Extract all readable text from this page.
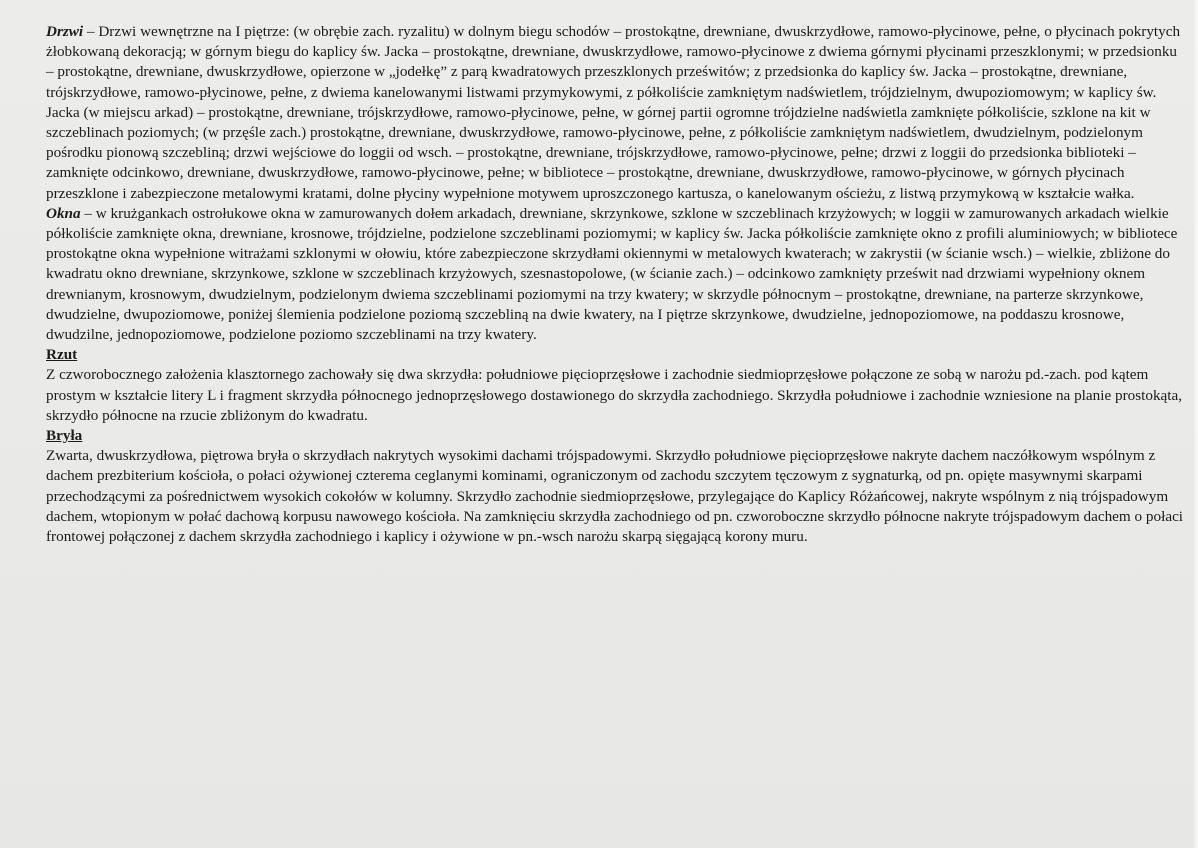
Drzwi – Drzwi wewnętrzne na I piętrze: (w obrębie zach. ryzalitu) w dolnym biegu schodów – prostokątne, drewniane, dwuskrzydłowe, ramowo-płycinowe, pełne, o płycinach pokrytych żłobkowaną dekoracją; w górnym biegu do kaplicy św. Jacka – prostokątne, drewniane, dwuskrzydłowe, ramowo-płycinowe z dwiema górnymi płycinami przeszklonymi; w przedsionku – prostokątne, drewniane, dwuskrzydłowe, opierzone w „jodełkę” z parą kwadratowych przeszklonych prześwitów; z przedsionka do kaplicy św. Jacka – prostokątne, drewniane, trójskrzydłowe, ramowo-płycinowe, pełne, z dwiema kanelowanymi listwami przymykowymi, z półkoliście zamkniętym nadświetlem, trójdzielnym, dwupoziomowym; w kaplicy św. Jacka (w miejscu arkad) – prostokątne, drewniane, trójskrzydłowe, ramowo-płycinowe, pełne, w górnej partii ogromne trójdzielne nadświetla zamknięte półkoliście, szklone na kit w szczeblinach poziomych; (w przęśle zach.) prostokątne, drewniane, dwuskrzydłowe, ramowo-płycinowe, pełne, z półkoliście zamkniętym nadświetlem, dwudzielnym, podzielonym pośrodku pionową szczebliną; drzwi wejściowe do loggii od wsch. – prostokątne, drewniane, trójskrzydłowe, ramowo-płycinowe, pełne; drzwi z loggii do przedsionka biblioteki – zamknięte odcinkowo, drewniane, dwuskrzydłowe, ramowo-płycinowe, pełne; w bibliotece – prostokątne, drewniane, dwuskrzydłowe, ramowo-płycinowe, w górnych płycinach przeszklone i zabezpieczone metalowymi kratami, dolne płyciny wypełnione motywem uproszczonego kartusza, o kanelowanym ościeżu, z listwą przymykową w kształcie wałka.

Okna – w krużgankach ostrołukowe okna w zamurowanych dołem arkadach, drewniane, skrzynkowe, szklone w szczeblinach krzyżowych; w loggii w zamurowanych arkadach wielkie półkoliście zamknięte okna, drewniane, krosnowe, trójdzielne, podzielone szczeblinami poziomymi; w kaplicy św. Jacka półkoliście zamknięte okno z profili aluminiowych; w bibliotece prostokątne okna wypełnione witrażami szklonymi w ołowiu, które zabezpieczone skrzydłami okiennymi w metalowych kwaterach; w zakrystii (w ścianie wsch.) – wielkie, zbliżone do kwadratu okno drewniane, skrzynkowe, szklone w szczeblinach krzyżowych, szesnastopolowe, (w ścianie zach.) – odcinkowo zamknięty prześwit nad drzwiami wypełniony oknem drewnianym, krosnowym, dwudzielnym, podzielonym dwiema szczeblinami poziomymi na trzy kwatery; w skrzydle północnym – prostokątne, drewniane, na parterze skrzynkowe, dwudzielne, dwupoziomowe, poniżej ślemienia podzielone poziomą szczebliną na dwie kwatery, na I piętrze skrzynkowe, dwudzielne, jednopoziomowe, na poddaszu krosnowe, dwudzilne, jednopoziomowe, podzielone poziomo szczeblinami na trzy kwatery.

Rzut

Z czworobocznego założenia klasztornego zachowały się dwa skrzydła: południowe pięcioprzęsłowe i zachodnie siedmioprzęsłowe połączone ze sobą w narożu pd.-zach. pod kątem prostym w kształcie litery L i fragment skrzydła północnego jednoprzęsłowego dostawionego do skrzydła zachodniego. Skrzydła południowe i zachodnie wzniesione na planie prostokąta, skrzydło północne na rzucie zbliżonym do kwadratu.

Bryła

Zwarta, dwuskrzydłowa, piętrowa bryła o skrzydłach nakrytych wysokimi dachami trójspadowymi. Skrzydło południowe pięcioprzęsłowe nakryte dachem naczółkowym wspólnym z dachem prezbiterium kościoła, o połaci ożywionej czterema ceglanymi kominami, ograniczonym od zachodu szczytem tęczowym z sygnaturką, od pn. opięte masywnymi skarpami przechodzącymi za pośrednictwem wysokich cokołów w kolumny. Skrzydło zachodnie siedmioprzęsłowe, przylegające do Kaplicy Różańcowej, nakryte wspólnym z nią trójspadowym dachem, wtopionym w połać dachową korpusu nawowego kościoła. Na zamknięciu skrzydła zachodniego od pn. czworoboczne skrzydło północne nakryte trójspadowym dachem o połaci frontowej połączonej z dachem skrzydła zachodniego i kaplicy i ożywione w pn.-wsch narożu skarpą sięgającą korony muru.
